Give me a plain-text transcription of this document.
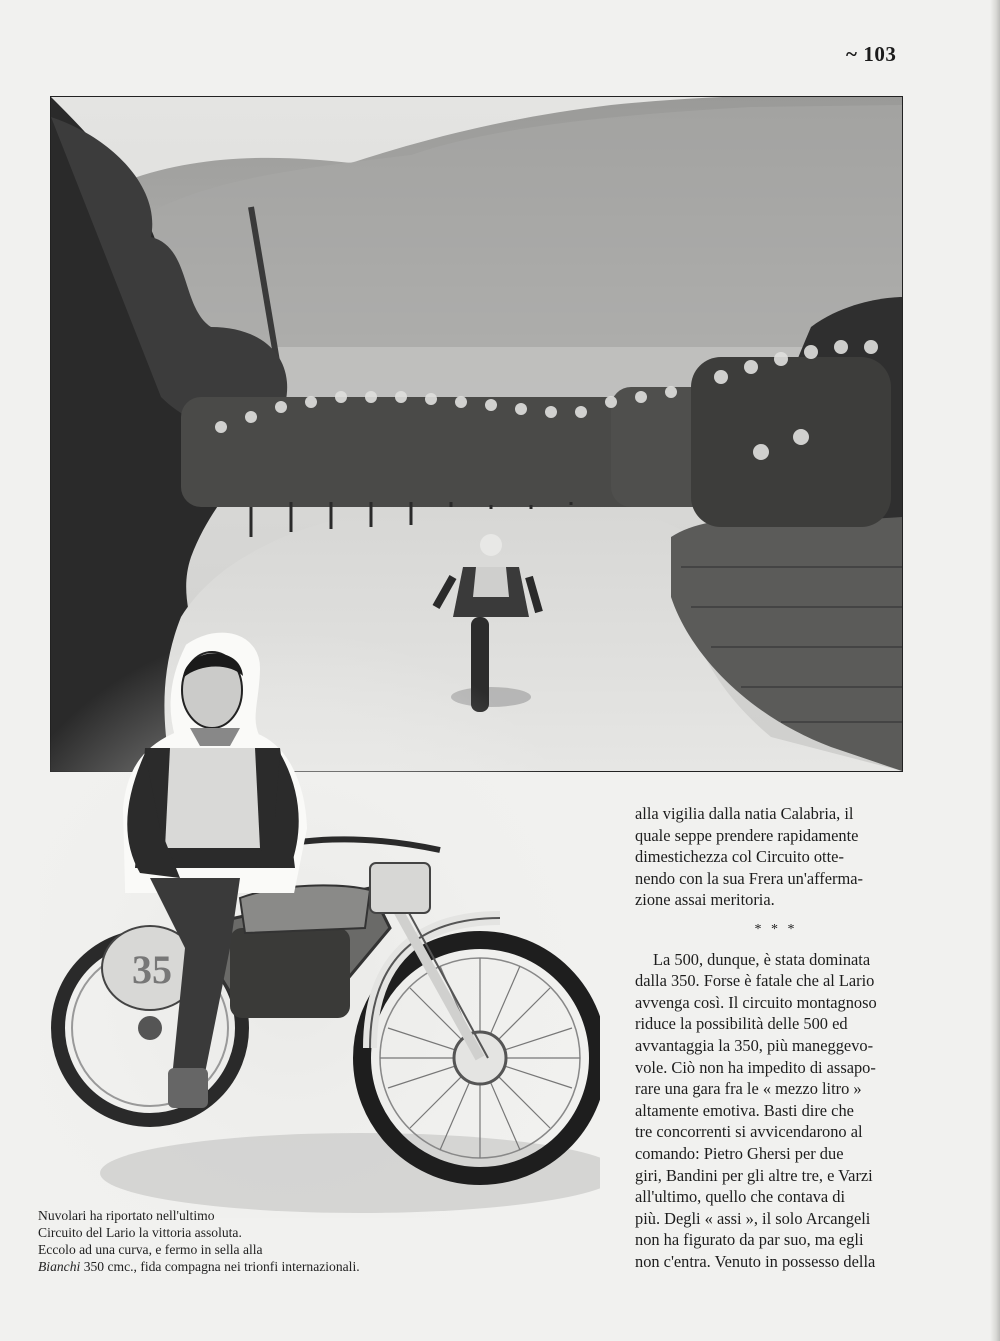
~ 103
35
Nuvolari ha riportato nell'ultimo
Circuito del Lario la vittoria assoluta.
Eccolo ad una curva, e fermo in sella alla
Bianchi 350 cmc., fida compagna nei trionfi internazionali.
alla vigilia dalla natia Calabria, il
quale seppe prendere rapidamente
dimestichezza col Circuito otte-
nendo con la sua Frera un'afferma-
zione assai meritoria.
* * *
La 500, dunque, è stata dominata
dalla 350. Forse è fatale che al Lario
avvenga così. Il circuito montagnoso
riduce la possibilità delle 500 ed
avvantaggia la 350, più maneggevo-
vole. Ciò non ha impedito di assapo-
rare una gara fra le « mezzo litro »
altamente emotiva. Basti dire che
tre concorrenti si avvicendarono al
comando: Pietro Ghersi per due
giri, Bandini per gli altre tre, e Varzi
all'ultimo, quello che contava di
più. Degli « assi », il solo Arcangeli
non ha figurato da par suo, ma egli
non c'entra. Venuto in possesso della
